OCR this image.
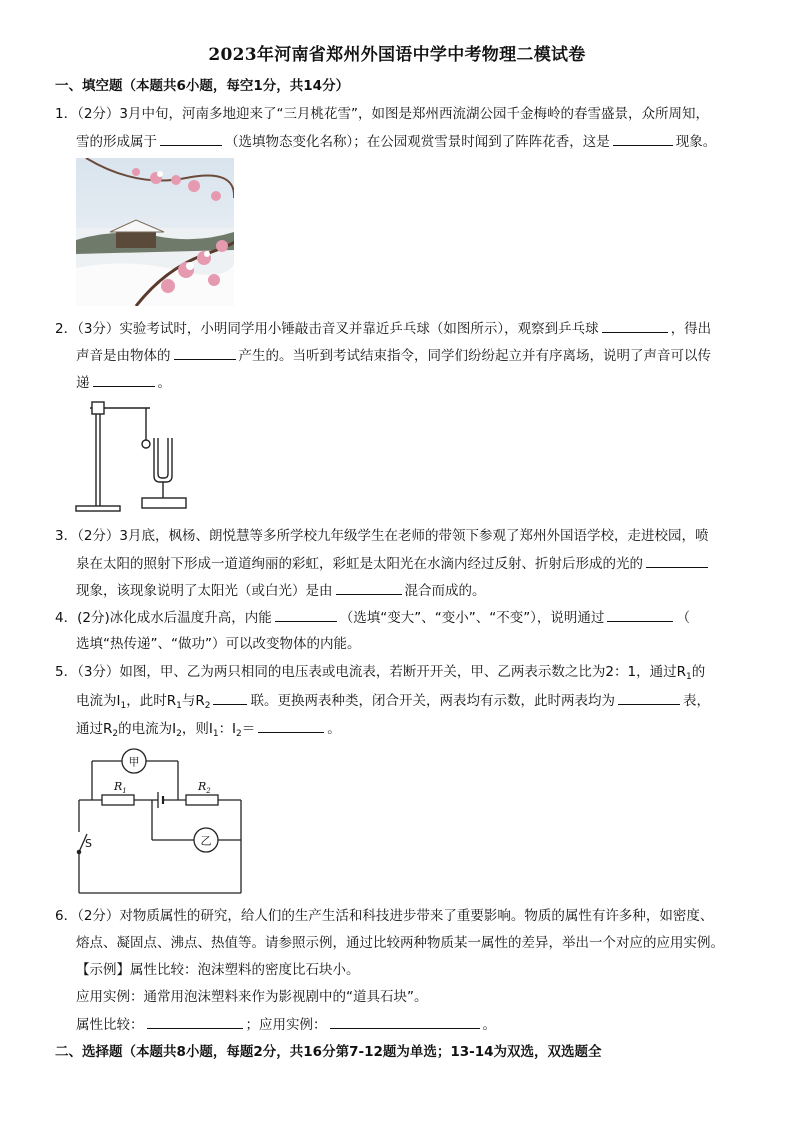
2023年河南省郑州外国语中学中考物理二模试卷
一、填空题（本题共6小题，每空1分，共14分）
1．（2分）3月中旬，河南多地迎来了“三月桃花雪”，如图是郑州西流湖公园千金梅岭的春雪盛景，众所周知，
雪的形成属于	（选填物态变化名称）；在公园观赏雪景时闻到了阵阵花香，这是	现象。
2．（3分）实验考试时，小明同学用小锤敲击音叉并靠近乒乓球（如图所示），观察到乒乓球	，得出
声音是由物体的	产生的。当听到考试结束指令，同学们纷纷起立并有序离场，说明了声音可以传
递	。
3．（2分）3月底，枫杨、朗悦慧等多所学校九年级学生在老师的带领下参观了郑州外国语学校，走进校园，喷
泉在太阳的照射下形成一道道绚丽的彩虹，彩虹是太阳光在水滴内经过反射、折射后形成的光的
现象，该现象说明了太阳光（或白光）是由	混合而成的。
4．(2分)冰化成水后温度升高，内能	（选填“变大”、“变小”、“不变”），说明通过	（
选填“热传递”、“做功”）可以改变物体的内能。
5．（3分）如图，甲、乙为两只相同的电压表或电流表，若断开开关，甲、乙两表示数之比为2：1，通过$R_1$的
电流为$I_1$，此时$R_1$与$R_2$	联。更换两表种类，闭合开关，两表均有示数，此时两表均为	表，
通过$R_2$的电流为$I_2$，则$I_1$：$I_2=$	。
甲
乙
$R_1$	$R_2$
S
6．（2分）对物质属性的研究，给人们的生产生活和科技进步带来了重要影响。物质的属性有许多种，如密度、
熔点、凝固点、沸点、热值等。请参照示例，通过比较两种物质某一属性的差异，举出一个对应的应用实例。
【示例】属性比较：泡沫塑料的密度比石块小。
应用实例：通常用泡沫塑料来作为影视剧中的“道具石块”。
属性比较：	；应用实例：	。
二、选择题（本题共8小题，每题2分，共16分第7-12题为单选；13-14为双选，双选题全
